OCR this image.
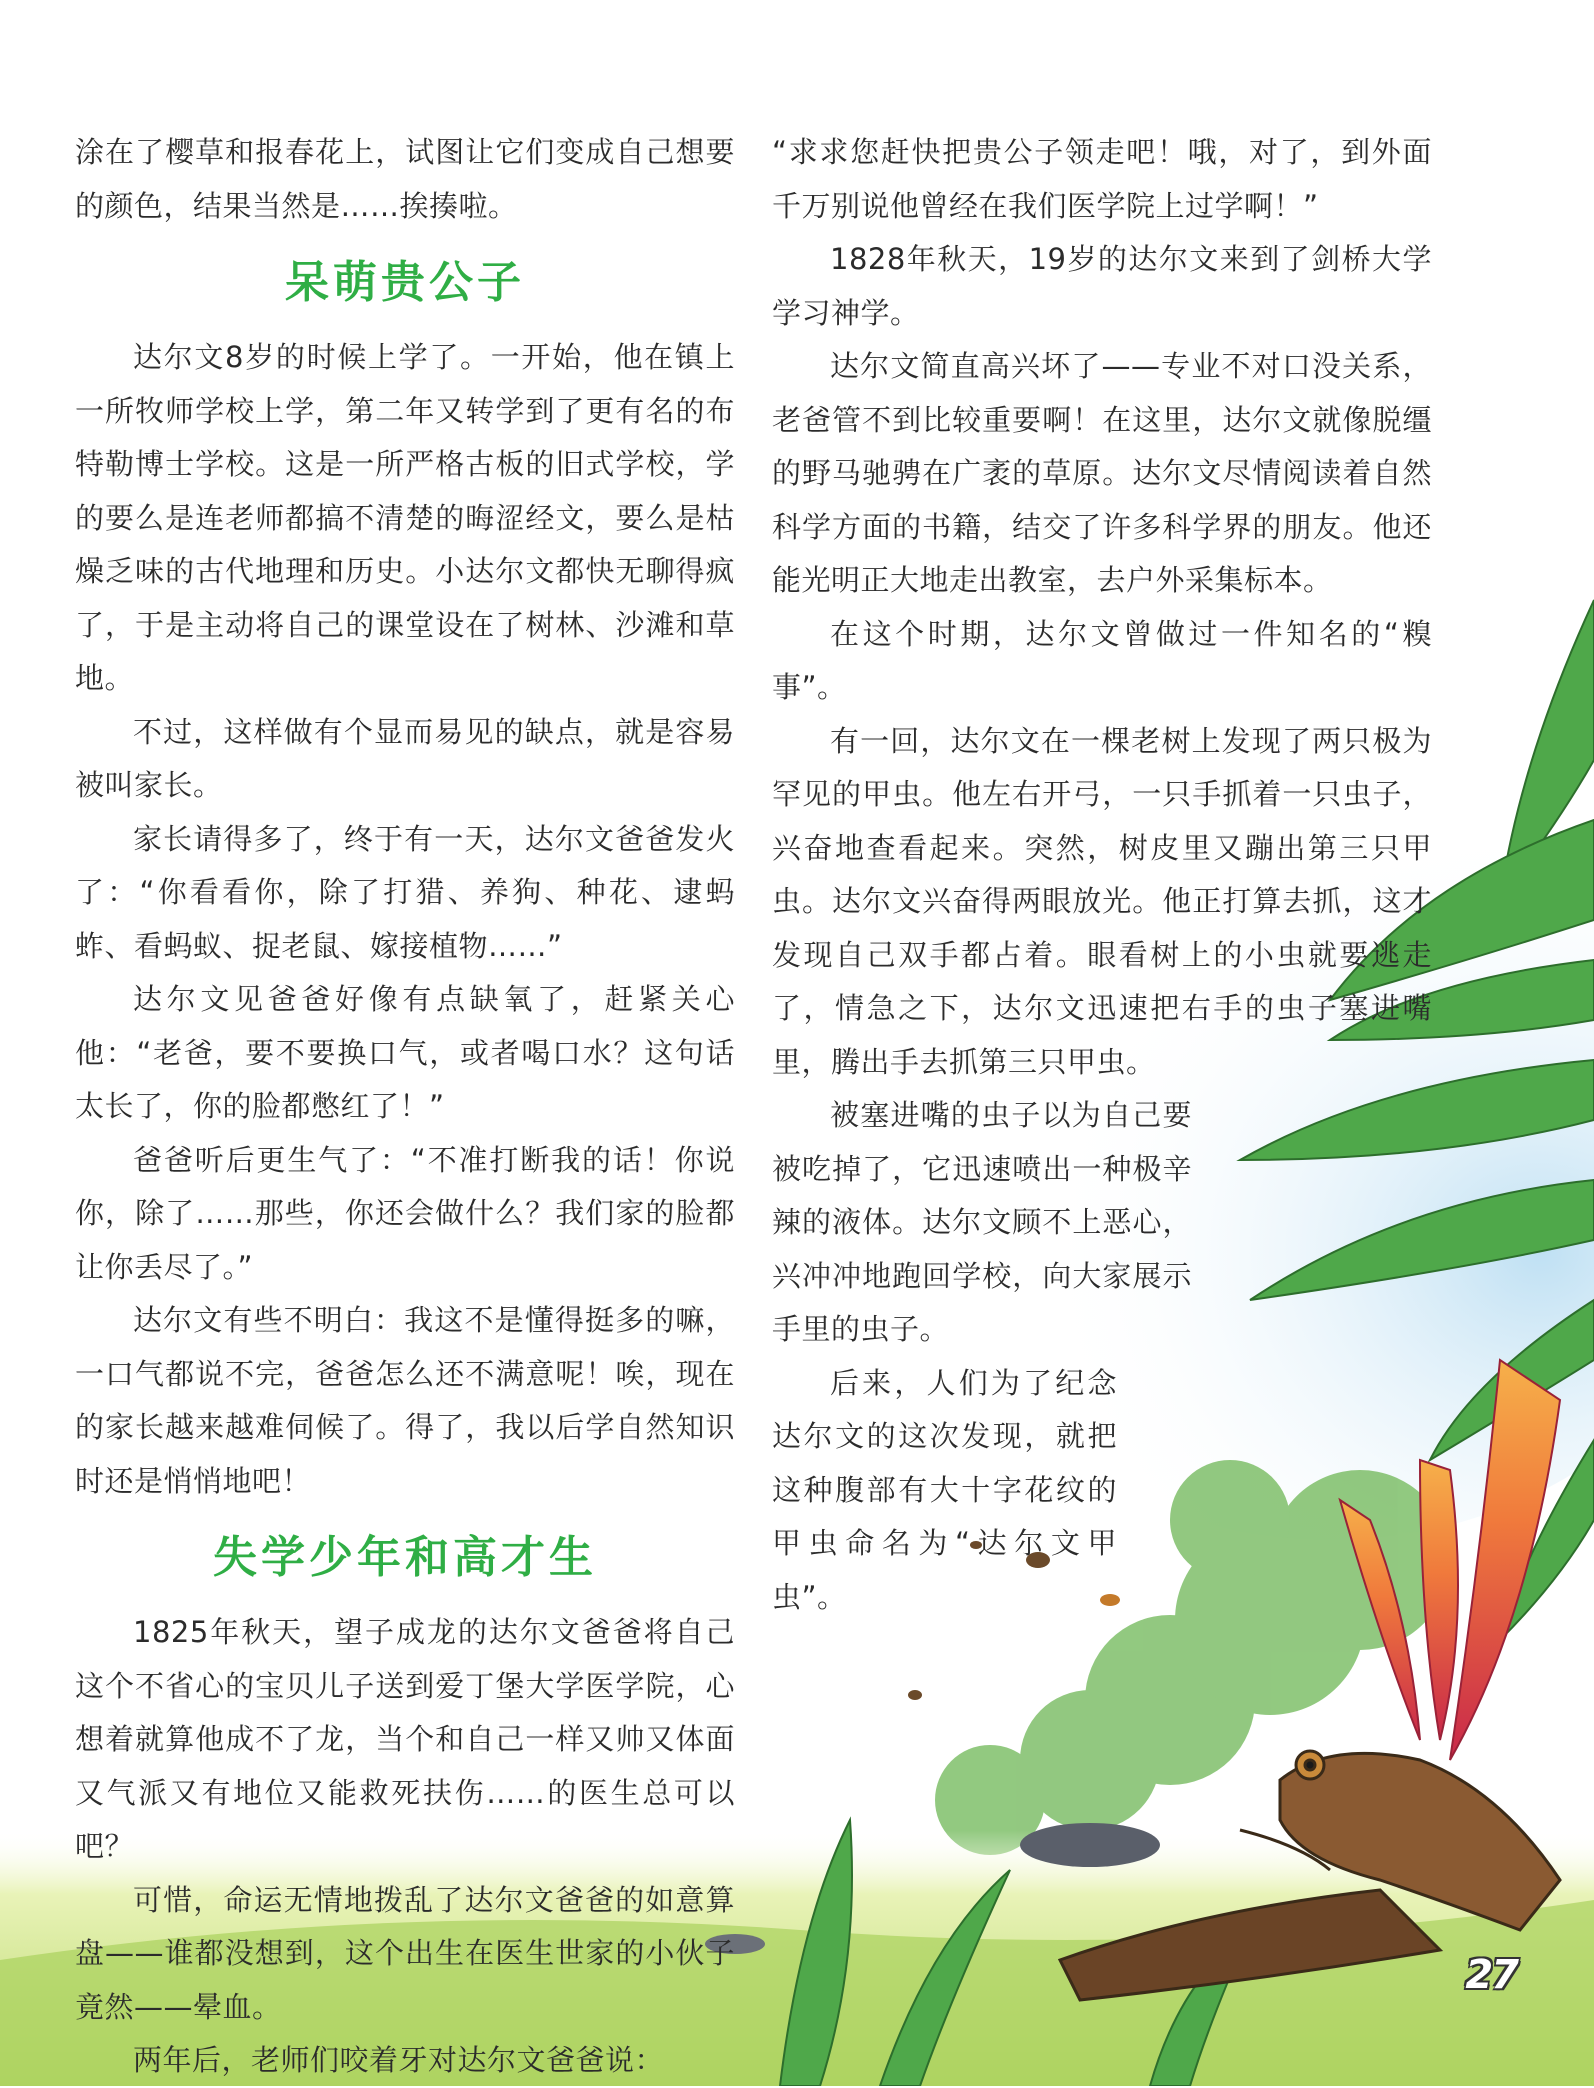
涂在了樱草和报春花上，试图让它们变成自己想要的颜色，结果当然是……挨揍啦。

呆萌贵公子

达尔文8岁的时候上学了。一开始，他在镇上一所牧师学校上学，第二年又转学到了更有名的布特勒博士学校。这是一所严格古板的旧式学校，学的要么是连老师都搞不清楚的晦涩经文，要么是枯燥乏味的古代地理和历史。小达尔文都快无聊得疯了，于是主动将自己的课堂设在了树林、沙滩和草地。

不过，这样做有个显而易见的缺点，就是容易被叫家长。

家长请得多了，终于有一天，达尔文爸爸发火了：“你看看你，除了打猎、养狗、种花、逮蚂蚱、看蚂蚁、捉老鼠、嫁接植物……”

达尔文见爸爸好像有点缺氧了，赶紧关心他：“老爸，要不要换口气，或者喝口水？这句话太长了，你的脸都憋红了！”

爸爸听后更生气了：“不准打断我的话！你说你，除了……那些，你还会做什么？我们家的脸都让你丢尽了。”

达尔文有些不明白：我这不是懂得挺多的嘛，一口气都说不完，爸爸怎么还不满意呢！唉，现在的家长越来越难伺候了。得了，我以后学自然知识时还是悄悄地吧！

失学少年和高才生

1825年秋天，望子成龙的达尔文爸爸将自己这个不省心的宝贝儿子送到爱丁堡大学医学院，心想着就算他成不了龙，当个和自己一样又帅又体面又气派又有地位又能救死扶伤……的医生总可以吧？

可惜，命运无情地拨乱了达尔文爸爸的如意算盘——谁都没想到，这个出生在医生世家的小伙子竟然——晕血。

两年后，老师们咬着牙对达尔文爸爸说：

“求求您赶快把贵公子领走吧！哦，对了，到外面千万别说他曾经在我们医学院上过学啊！”

1828年秋天，19岁的达尔文来到了剑桥大学学习神学。

达尔文简直高兴坏了——专业不对口没关系，老爸管不到比较重要啊！在这里，达尔文就像脱缰的野马驰骋在广袤的草原。达尔文尽情阅读着自然科学方面的书籍，结交了许多科学界的朋友。他还能光明正大地走出教室，去户外采集标本。

在这个时期，达尔文曾做过一件知名的“糗事”。

有一回，达尔文在一棵老树上发现了两只极为罕见的甲虫。他左右开弓，一只手抓着一只虫子，兴奋地查看起来。突然，树皮里又蹦出第三只甲虫。达尔文兴奋得两眼放光。他正打算去抓，这才发现自己双手都占着。眼看树上的小虫就要逃走了，情急之下，达尔文迅速把右手的虫子塞进嘴里，腾出手去抓第三只甲虫。

被塞进嘴的虫子以为自己要被吃掉了，它迅速喷出一种极辛辣的液体。达尔文顾不上恶心，兴冲冲地跑回学校，向大家展示手里的虫子。

后来，人们为了纪念达尔文的这次发现，就把这种腹部有大十字花纹的甲虫命名为“达尔文甲虫”。

27
